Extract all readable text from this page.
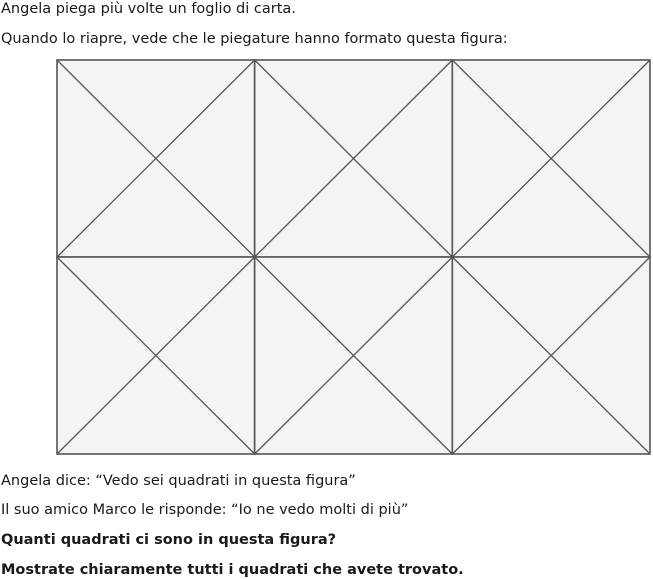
Angela piega più volte un foglio di carta.
Quando lo riapre, vede che le piegature hanno formato questa figura:
Angela dice: “Vedo sei quadrati in questa figura”
Il suo amico Marco le risponde: “Io ne vedo molti di più”
Quanti quadrati ci sono in questa figura?
Mostrate chiaramente tutti i quadrati che avete trovato.
